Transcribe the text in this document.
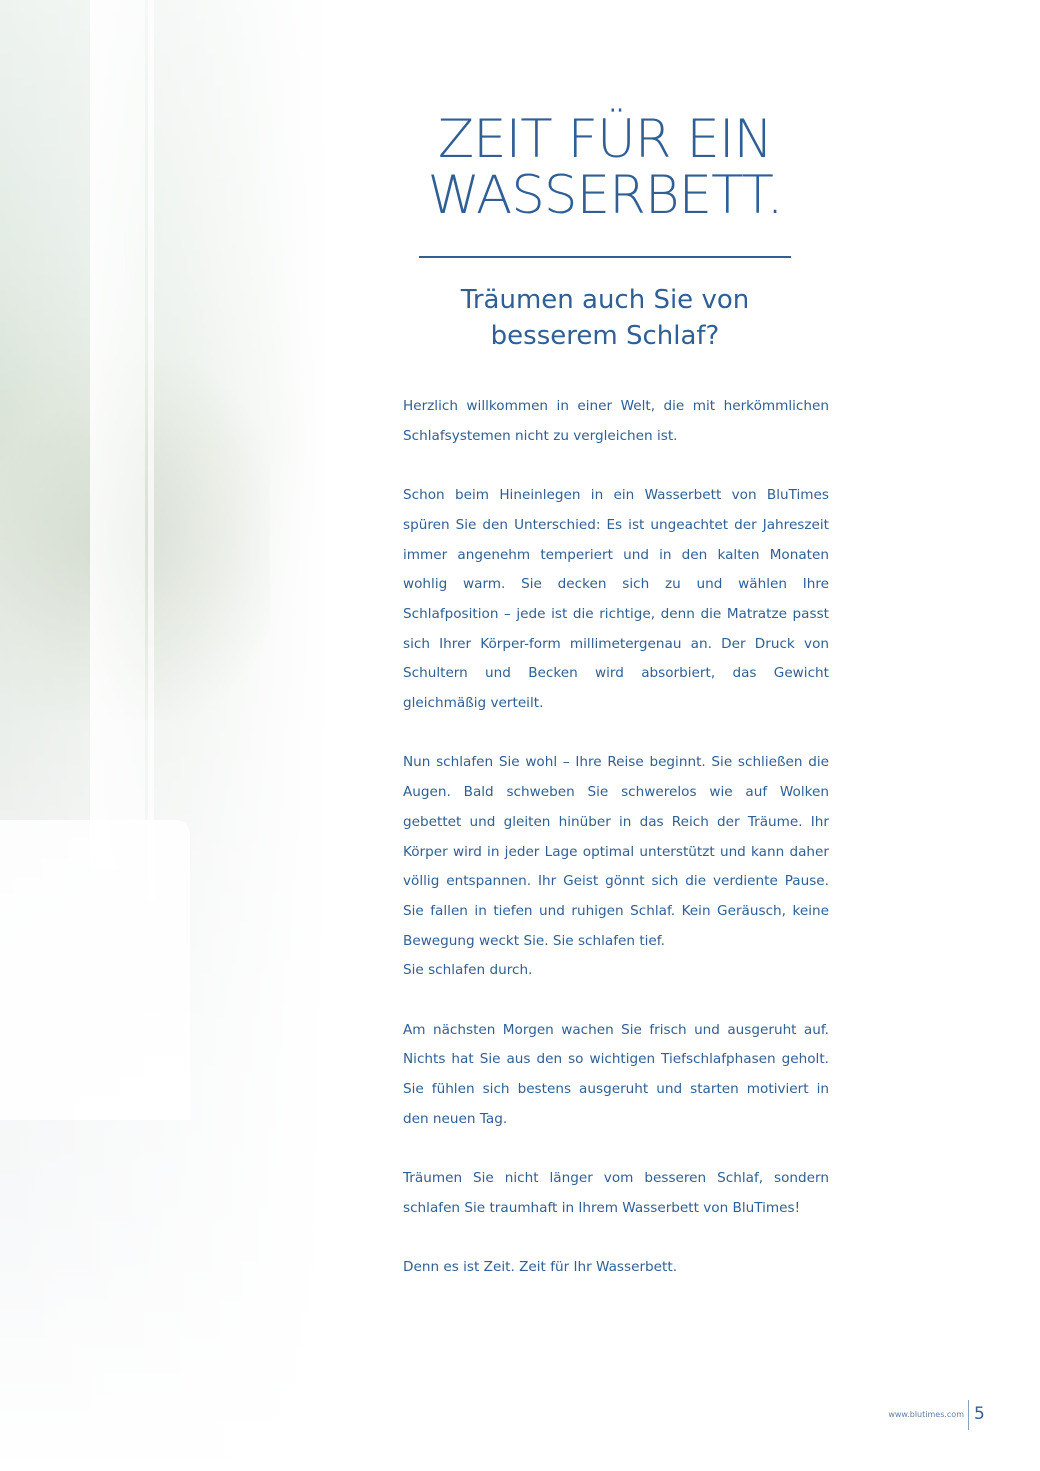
ZEIT FÜR EIN
WASSERBETT.
Träumen auch Sie von
besserem Schlaf?

Herzlich willkommen in einer Welt, die mit herkömmlichen Schlafsystemen nicht zu vergleichen ist.

Schon beim Hineinlegen in ein Wasserbett von BluTimes spüren Sie den Unterschied: Es ist ungeachtet der Jahreszeit immer angenehm temperiert und in den kalten Monaten wohlig warm. Sie decken sich zu und wählen Ihre Schlafposition – jede ist die richtige, denn die Matratze passt sich Ihrer Körper-form millimetergenau an. Der Druck von Schultern und Becken wird absorbiert, das Gewicht gleichmäßig verteilt.

Nun schlafen Sie wohl – Ihre Reise beginnt. Sie schließen die Augen. Bald schweben Sie schwerelos wie auf Wolken gebettet und gleiten hinüber in das Reich der Träume. Ihr Körper wird in jeder Lage optimal unterstützt und kann daher völlig entspannen. Ihr Geist gönnt sich die verdiente Pause. Sie fallen in tiefen und ruhigen Schlaf. Kein Geräusch, keine Bewegung weckt Sie. Sie schlafen tief.
Sie schlafen durch.

Am nächsten Morgen wachen Sie frisch und ausgeruht auf. Nichts hat Sie aus den so wichtigen Tiefschlafphasen geholt. Sie fühlen sich bestens ausgeruht und starten motiviert in den neuen Tag.

Träumen Sie nicht länger vom besseren Schlaf, sondern schlafen Sie traumhaft in Ihrem Wasserbett von BluTimes!

Denn es ist Zeit. Zeit für Ihr Wasserbett.

www.blutimes.com 5
